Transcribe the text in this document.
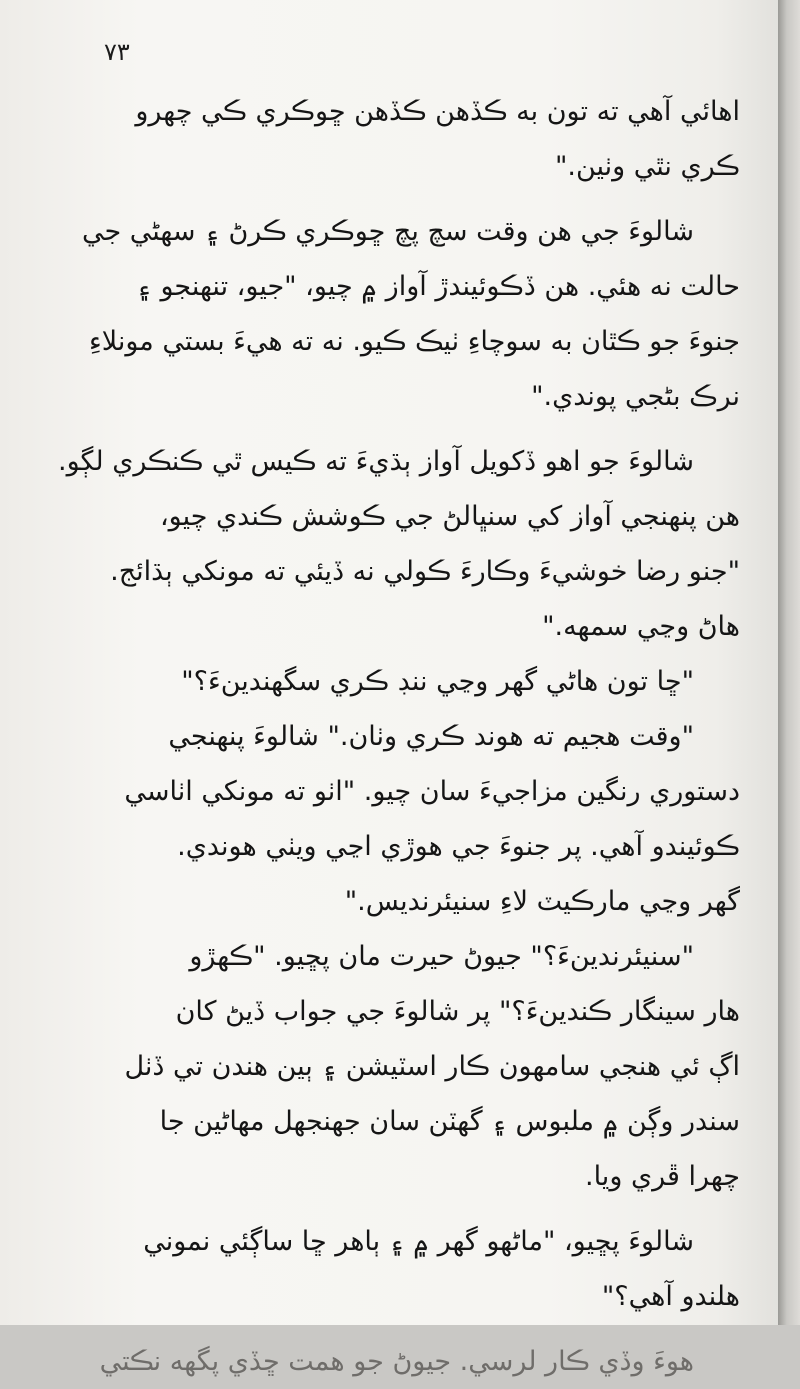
٧٣
اهائي آهي ته تون به ڪڏهن ڪڏهن ڇوڪري ڪي چهرو
ڪري نٿي وٺين."
شالوءَ جي هن وقت سچ پچ ڇوڪري ڪرڻ ۽ سهڻي جي
حالت نه هئي. هن ڏڪوئيندڙ آواز ۾ چيو، "جيو، تنهنجو ۽
جنوءَ جو ڪٿان به سوچاءِ ٺيڪ ڪيو. نه ته هيءَ بستي مونلاءِ
نرڪ بڻجي پوندي."
شالوءَ جو اهو ڏکويل آواز ٻڌيءَ ته ڪيس ٿي ڪنڪري لڳو.
هن پنهنجي آواز کي سنڀالڻ جي ڪوشش ڪندي چيو،
"جنو رضا خوشيءَ وڪارءَ ڪولي نه ڏيئي ته مونکي ٻڌائج.
هاڻ وڃي سمهه."
"ڇا تون هاڻي گهر وڃي ننڊ ڪري سگهندينءَ؟"
"وقت هجيم ته هوند ڪري وٺان." شالوءَ پنهنجي
دستوري رنگين مزاجيءَ سان چيو. "اٺو ته مونکي اٺاسي
ڪوئيندو آهي. پر جنوءَ جي هوڙي اڃي ويٺي هوندي.
گهر وڃي مارڪيٽ لاءِ سنيئرنديس."
"سنيئرندينءَ؟" جيوڻ حيرت مان پڇيو. "ڪهڙو
هار سينگار ڪندينءَ؟" پر شالوءَ جي جواب ڏيڻ کان
اڳ ئي هنجي سامهون ڪار اسٽيشن ۽ ٻين هندن تي ڏٺل
سندر وڳن ۾ ملبوس ۽ گهٽن سان جهنجهل مهاڻين جا
چهرا ڦري ويا.
شالوءَ پڇيو، "ماڻهو گهر ۾ ۽ ٻاهر ڇا ساڳئي نموني
هلندو آهي؟"
هوءَ وڏي ڪار لرسي. جيوڻ جو همت ڇڏي پگهه نڪتي
